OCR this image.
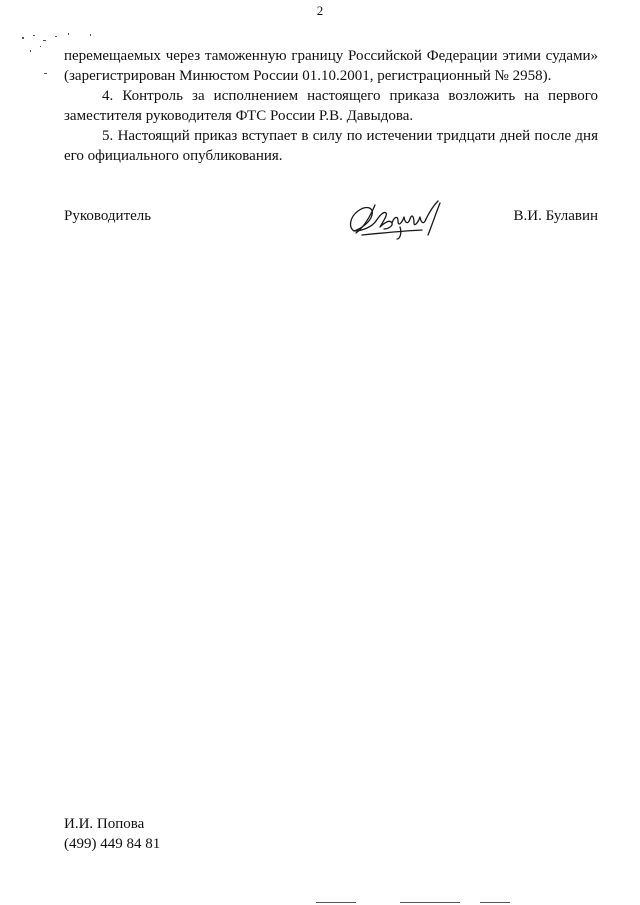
2

перемещаемых через таможенную границу Российской Федерации этими судами» (зарегистрирован Минюстом России 01.10.2001, регистрационный № 2958).

4. Контроль за исполнением настоящего приказа возложить на первого заместителя руководителя ФТС России Р.В. Давыдова.

5. Настоящий приказ вступает в силу по истечении тридцати дней после дня его официального опубликования.

Руководитель	В.И. Булавин
И.И. Попова
(499) 449 84 81
